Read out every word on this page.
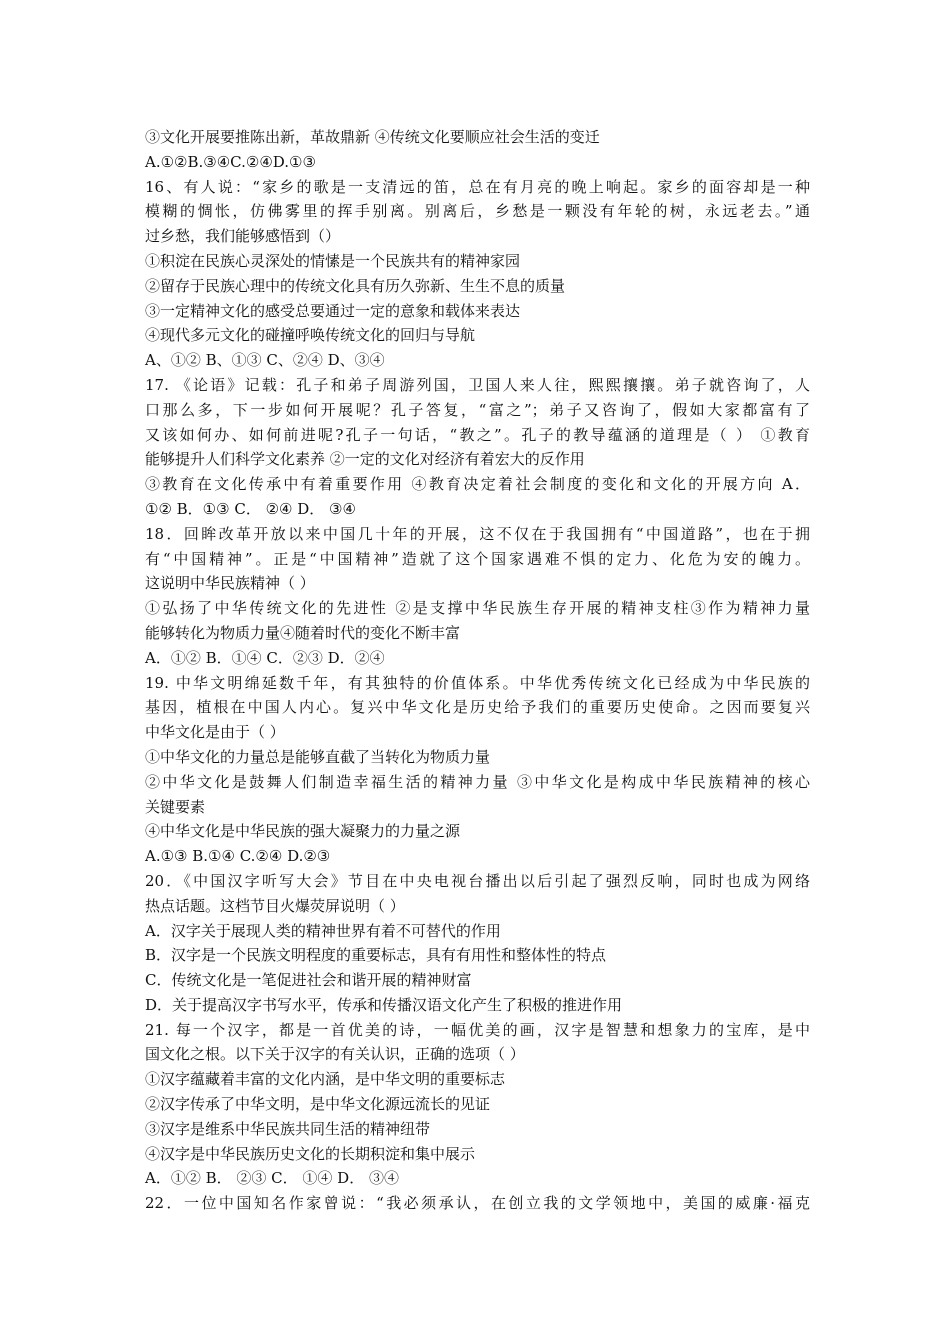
③文化开展要推陈出新，革故鼎新 ④传统文化要顺应社会生活的变迁
A.①②B.③④C.②④D.①③
16、有人说：“家乡的歌是一支清远的笛，总在有月亮的晚上响起。家乡的面容却是一种
模糊的惆怅，仿佛雾里的挥手别离。别离后，乡愁是一颗没有年轮的树，永远老去。”通
过乡愁，我们能够感悟到（）
①积淀在民族心灵深处的情愫是一个民族共有的精神家园
②留存于民族心理中的传统文化具有历久弥新、生生不息的质量
③一定精神文化的感受总要通过一定的意象和载体来表达
④现代多元文化的碰撞呼唤传统文化的回归与导航
A、①② B、①③ C、②④ D、③④
17. 《论语》记载：孔子和弟子周游列国，卫国人来人往，熙熙攘攘。弟子就咨询了，人
口那么多，下一步如何开展呢？孔子答复，“富之”；弟子又咨询了，假如大家都富有了
又该如何办、如何前进呢?孔子一句话，“教之”。孔子的教导蕴涵的道理是（ ） ①教育
能够提升人们科学文化素养 ②一定的文化对经济有着宏大的反作用
③教育在文化传承中有着重要作用 ④教育决定着社会制度的变化和文化的开展方向 A．
①② B．①③ C． ②④ D． ③④
18．回眸改革开放以来中国几十年的开展，这不仅在于我国拥有“中国道路”，也在于拥
有“中国精神”。正是“中国精神”造就了这个国家遇难不惧的定力、化危为安的魄力。
这说明中华民族精神（ ）
①弘扬了中华传统文化的先进性 ②是支撑中华民族生存开展的精神支柱③作为精神力量
能够转化为物质力量④随着时代的变化不断丰富
A．①② B．①④ C．②③ D．②④
19. 中华文明绵延数千年，有其独特的价值体系。中华优秀传统文化已经成为中华民族的
基因，植根在中国人内心。复兴中华文化是历史给予我们的重要历史使命。之因而要复兴
中华文化是由于（ ）
①中华文化的力量总是能够直截了当转化为物质力量
②中华文化是鼓舞人们制造幸福生活的精神力量 ③中华文化是构成中华民族精神的核心
关键要素
④中华文化是中华民族的强大凝聚力的力量之源
A.①③ B.①④ C.②④ D.②③
20．《中国汉字听写大会》节目在中央电视台播出以后引起了强烈反响，同时也成为网络
热点话题。这档节目火爆荧屏说明（ ）
A．汉字关于展现人类的精神世界有着不可替代的作用
B．汉字是一个民族文明程度的重要标志，具有有用性和整体性的特点
C．传统文化是一笔促进社会和谐开展的精神财富
D．关于提高汉字书写水平，传承和传播汉语文化产生了积极的推进作用
21. 每一个汉字，都是一首优美的诗，一幅优美的画，汉字是智慧和想象力的宝库，是中
国文化之根。以下关于汉字的有关认识，正确的选项（ ）
①汉字蕴藏着丰富的文化内涵，是中华文明的重要标志
②汉字传承了中华文明，是中华文化源远流长的见证
③汉字是维系中华民族共同生活的精神纽带
④汉字是中华民族历史文化的长期积淀和集中展示
A．①② B． ②③ C． ①④ D． ③④
22．一位中国知名作家曾说：“我必须承认，在创立我的文学领地中，美国的威廉·福克
